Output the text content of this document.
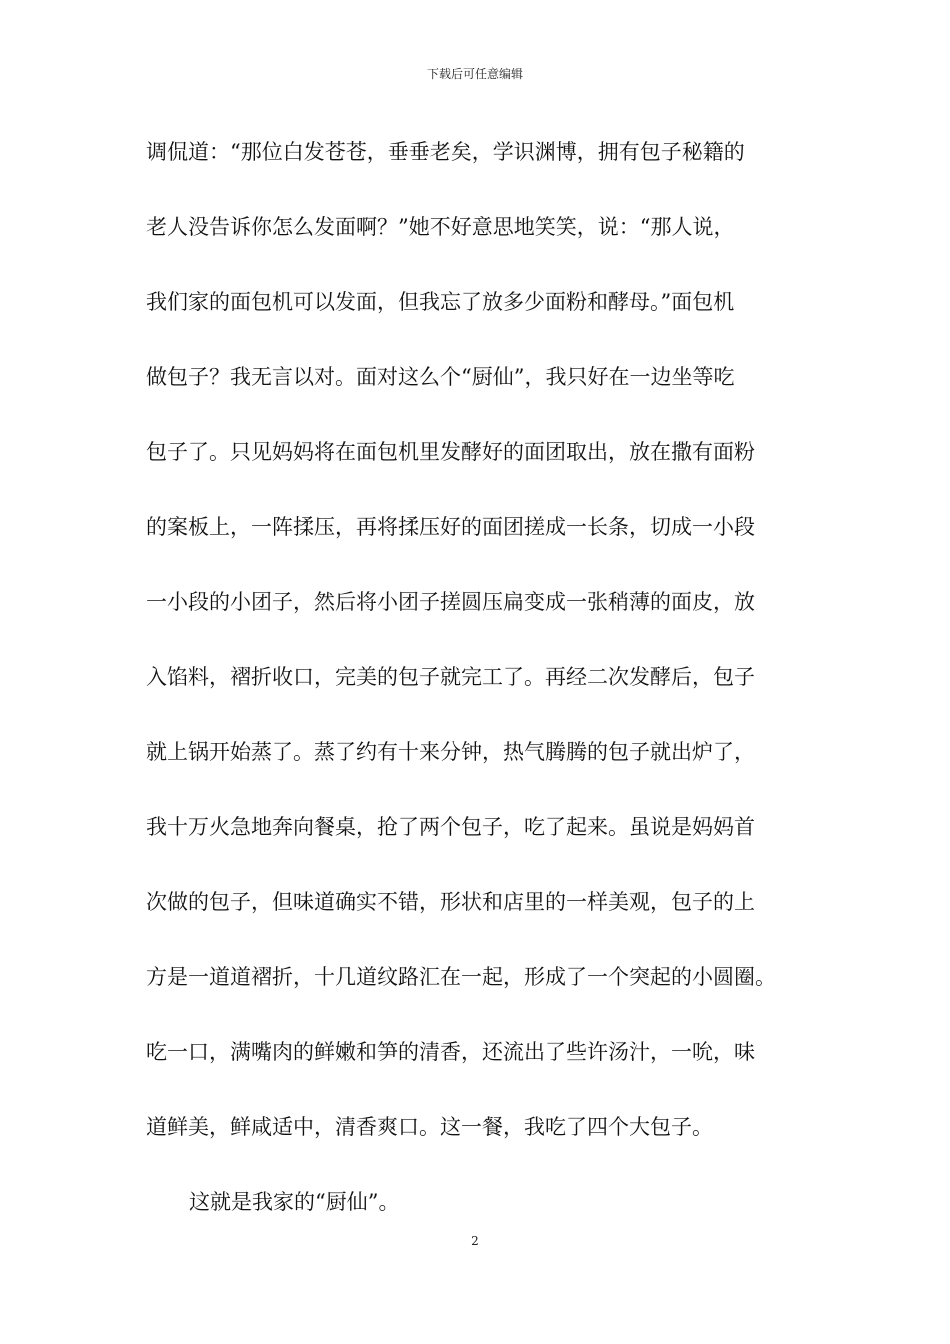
下载后可任意编辑
调侃道：“那位白发苍苍，垂垂老矣，学识渊博，拥有包子秘籍的
老人没告诉你怎么发面啊？”她不好意思地笑笑，说：“那人说，
我们家的面包机可以发面，但我忘了放多少面粉和酵母。”面包机
做包子？我无言以对。面对这么个“厨仙”，我只好在一边坐等吃
包子了。只见妈妈将在面包机里发酵好的面团取出，放在撒有面粉
的案板上，一阵揉压，再将揉压好的面团搓成一长条，切成一小段
一小段的小团子，然后将小团子搓圆压扁变成一张稍薄的面皮，放
入馅料，褶折收口，完美的包子就完工了。再经二次发酵后，包子
就上锅开始蒸了。蒸了约有十来分钟，热气腾腾的包子就出炉了，
我十万火急地奔向餐桌，抢了两个包子，吃了起来。虽说是妈妈首
次做的包子，但味道确实不错，形状和店里的一样美观，包子的上
方是一道道褶折，十几道纹路汇在一起，形成了一个突起的小圆圈。
吃一口，满嘴肉的鲜嫩和笋的清香，还流出了些许汤汁，一吮，味
道鲜美，鲜咸适中，清香爽口。这一餐，我吃了四个大包子。
这就是我家的“厨仙”。
2
